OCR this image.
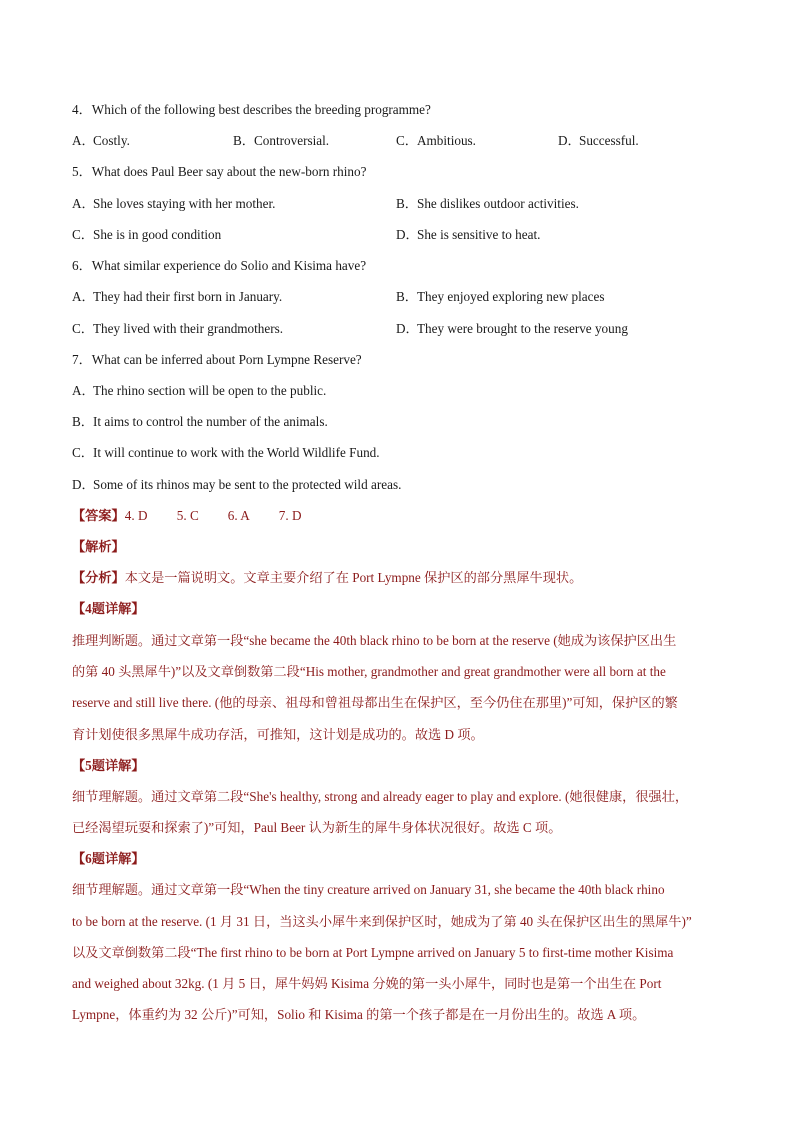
4．Which of the following best describes the breeding programme?
A．Costly.	B．Controversial.	C．Ambitious.	D．Successful.
5．What does Paul Beer say about the new-born rhino?
A．She loves staying with her mother.	B．She dislikes outdoor activities.
C．She is in good condition	D．She is sensitive to heat.
6．What similar experience do Solio and Kisima have?
A．They had their first born in January.	B．They enjoyed exploring new places
C．They lived with their grandmothers.	D．They were brought to the reserve young
7．What can be inferred about Porn Lympne Reserve?
A．The rhino section will be open to the public.
B．It aims to control the number of the animals.
C．It will continue to work with the World Wildlife Fund.
D．Some of its rhinos may be sent to the protected wild areas.
【答案】4. D 5. C 6. A 7. D
【解析】
【分析】本文是一篇说明文。文章主要介绍了在 Port Lympne 保护区的部分黑犀牛现状。
【4题详解】
推理判断题。通过文章第一段“she became the 40th black rhino to be born at the reserve (她成为该保护区出生
的第 40 头黑犀牛)”以及文章倒数第二段“His mother, grandmother and great grandmother were all born at the
reserve and still live there. (他的母亲、祖母和曾祖母都出生在保护区，至今仍住在那里)”可知，保护区的繁
育计划使很多黑犀牛成功存活，可推知，这计划是成功的。故选 D 项。
【5题详解】
细节理解题。通过文章第二段“She's healthy, strong and already eager to play and explore. (她很健康，很强壮，
已经渴望玩耍和探索了)”可知，Paul Beer 认为新生的犀牛身体状况很好。故选 C 项。
【6题详解】
细节理解题。通过文章第一段“When the tiny creature arrived on January 31, she became the 40th black rhino
to be born at the reserve. (1 月 31 日，当这头小犀牛来到保护区时，她成为了第 40 头在保护区出生的黑犀牛)”
以及文章倒数第二段“The first rhino to be born at Port Lympne arrived on January 5 to first-time mother Kisima
and weighed about 32kg. (1 月 5 日，犀牛妈妈 Kisima 分娩的第一头小犀牛，同时也是第一个出生在 Port
Lympne，体重约为 32 公斤)”可知，Solio 和 Kisima 的第一个孩子都是在一月份出生的。故选 A 项。
